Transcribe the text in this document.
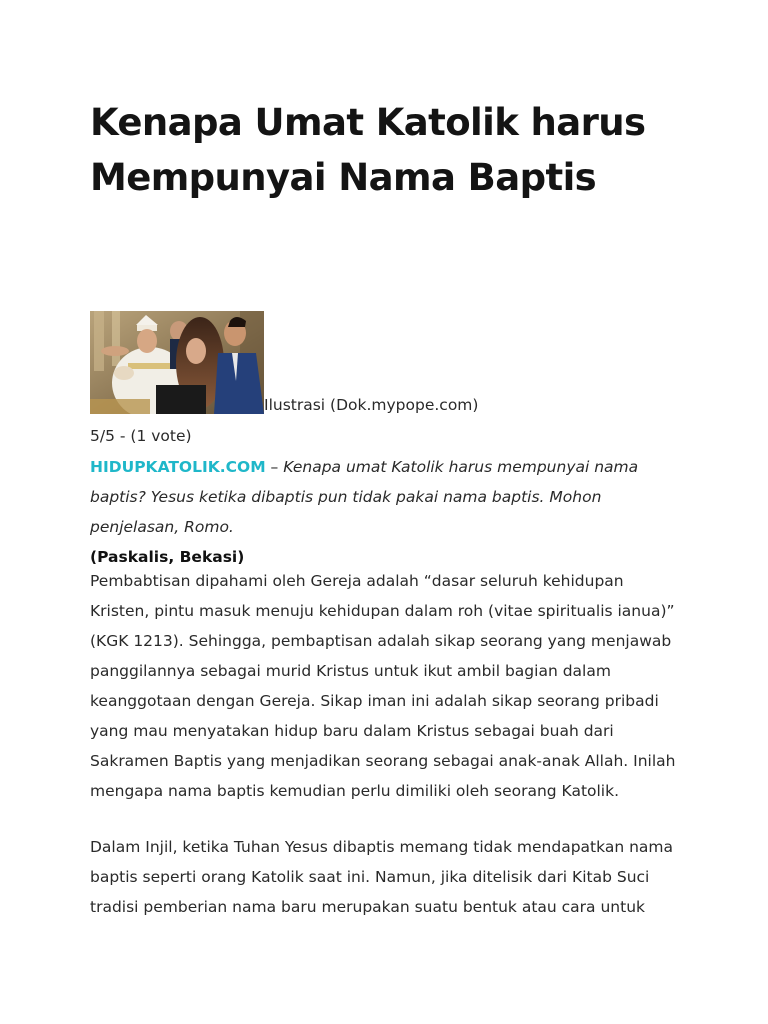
Kenapa Umat Katolik harus Mempunyai Nama Baptis
Ilustrasi (Dok.mypope.com)
5/5 - (1 vote)

HIDUPKATOLIK.COM – Kenapa umat Katolik harus mempunyai nama baptis? Yesus ketika dibaptis pun tidak pakai nama baptis. Mohon penjelasan, Romo.
(Paskalis, Bekasi)

Pembabtisan dipahami oleh Gereja adalah “dasar seluruh kehidupan Kristen, pintu masuk menuju kehidupan dalam roh (vitae spiritualis ianua)” (KGK 1213). Sehingga, pembaptisan adalah sikap seorang yang menjawab panggilannya sebagai murid Kristus untuk ikut ambil bagian dalam keanggotaan dengan Gereja. Sikap iman ini adalah sikap seorang pribadi yang mau menyatakan hidup baru dalam Kristus sebagai buah dari Sakramen Baptis yang menjadikan seorang sebagai anak-anak Allah. Inilah mengapa nama baptis kemudian perlu dimiliki oleh seorang Katolik.

Dalam Injil, ketika Tuhan Yesus dibaptis memang tidak mendapatkan nama baptis seperti orang Katolik saat ini. Namun, jika ditelisik dari Kitab Suci tradisi pemberian nama baru merupakan suatu bentuk atau cara untuk
